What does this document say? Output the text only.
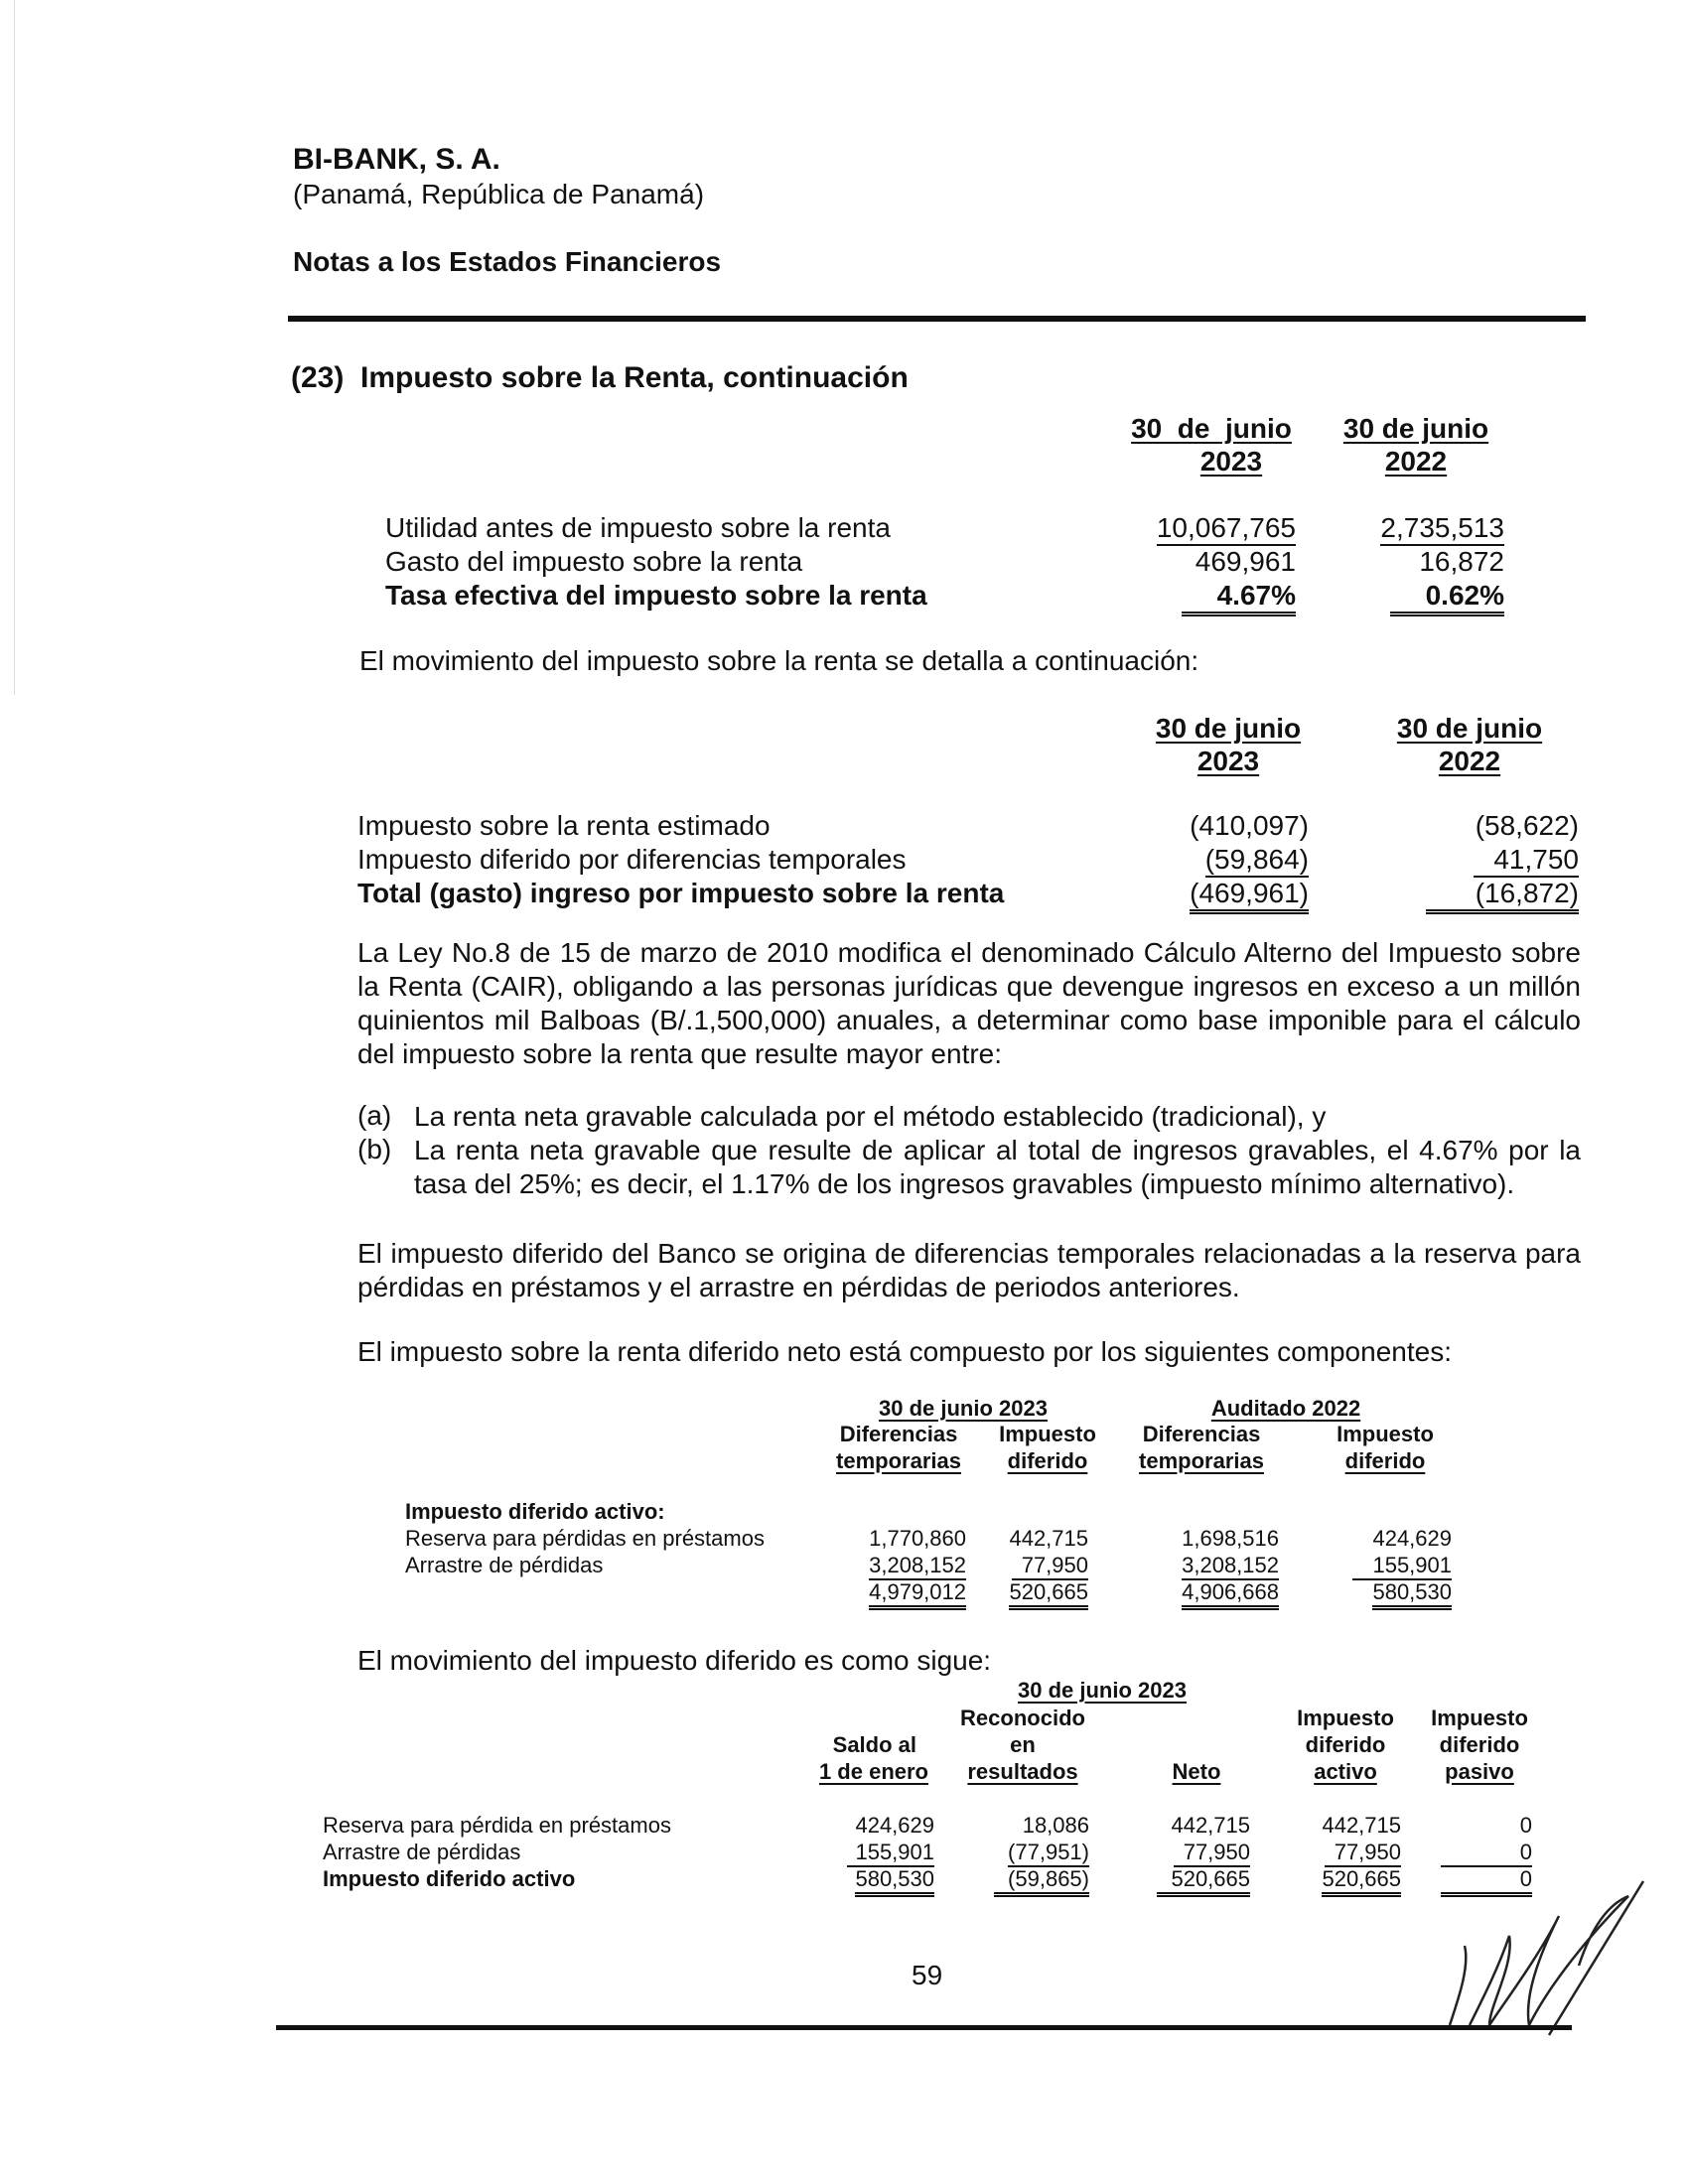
BI-BANK, S. A.
(Panamá, República de Panamá)
Notas a los Estados Financieros
(23)  Impuesto sobre la Renta, continuación
30  de  junio
2023
30 de junio
2022
Utilidad antes de impuesto sobre la renta	10,067,765	2,735,513
Gasto del impuesto sobre la renta	469,961	16,872
Tasa efectiva del impuesto sobre la renta	4.67%	0.62%
El movimiento del impuesto sobre la renta se detalla a continuación:
30 de junio
2023
30 de junio
2022
Impuesto sobre la renta estimado	(410,097)	(58,622)
Impuesto diferido por diferencias temporales	(59,864)	41,750
Total (gasto) ingreso por impuesto sobre la renta	(469,961)	(16,872)
La Ley No.8 de 15 de marzo de 2010 modifica el denominado Cálculo Alterno del Impuesto sobre la Renta (CAIR), obligando a las personas jurídicas que devengue ingresos en exceso a un millón quinientos mil Balboas (B/.1,500,000) anuales, a determinar como base imponible para el cálculo del impuesto sobre la renta que resulte mayor entre:
(a) La renta neta gravable calculada por el método establecido (tradicional), y
(b) La renta neta gravable que resulte de aplicar al total de ingresos gravables, el 4.67% por la tasa del 25%; es decir, el 1.17% de los ingresos gravables (impuesto mínimo alternativo).
El impuesto diferido del Banco se origina de diferencias temporales relacionadas a la reserva para pérdidas en préstamos y el arrastre en pérdidas de periodos anteriores.
El impuesto sobre la renta diferido neto está compuesto por los siguientes componentes:
30 de junio 2023	Auditado 2022
Diferencias
temporarias
Impuesto
diferido
Diferencias
temporarias
Impuesto
diferido
Impuesto diferido activo:
Reserva para pérdidas en préstamos	1,770,860 442,715	1,698,516	424,629
Arrastre de pérdidas	3,208,152	77,950	3,208,152	155,901
4,979,012 520,665	4,906,668	580,530
El movimiento del impuesto diferido es como sigue:
30 de junio 2023
Saldo al
1 de enero
Reconocido
en
resultados	Neto
Impuesto
diferido
activo
Impuesto
diferido
pasivo
Reserva para pérdida en préstamos	424,629	18,086	442,715	442,715	0
Arrastre de pérdidas	155,901	(77,951)	77,950	77,950	0
Impuesto diferido activo	580,530	(59,865)	520,665	520,665	0
59
